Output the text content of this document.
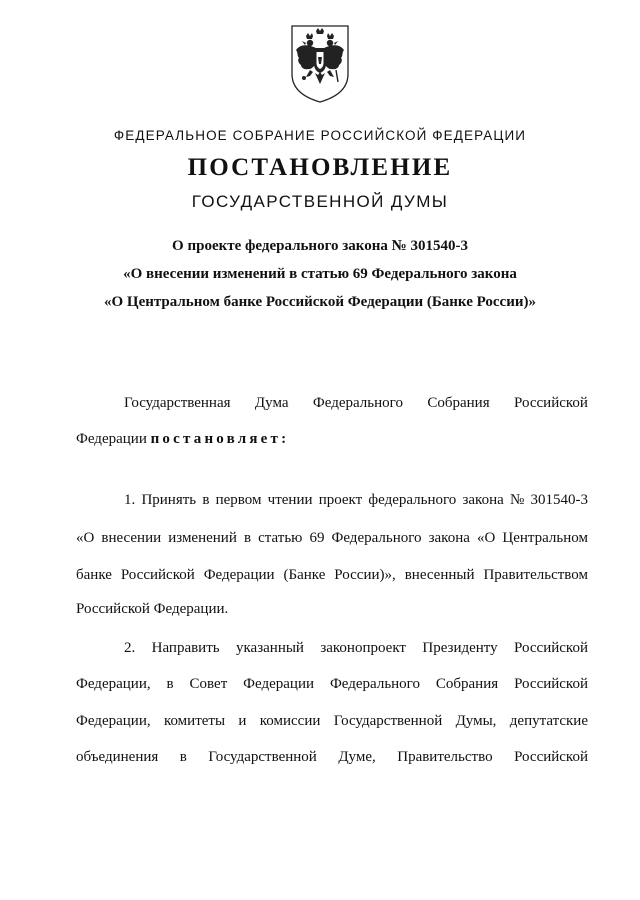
ФЕДЕРАЛЬНОЕ СОБРАНИЕ РОССИЙСКОЙ ФЕДЕРАЦИИ
ПОСТАНОВЛЕНИЕ
ГОСУДАРСТВЕННОЙ ДУМЫ
О проекте федерального закона № 301540-3
«О внесении изменений в статью 69 Федерального закона
«О Центральном банке Российской Федерации (Банке России)»
Государственная Дума Федерального Собрания Российской
Федерации постановляет:
1. Принять в первом чтении проект федерального закона № 301540-3
«О внесении изменений в статью 69 Федерального закона «О Центральном
банке Российской Федерации (Банке России)», внесенный Правительством
Российской Федерации.
2. Направить указанный законопроект Президенту Российской
Федерации, в Совет Федерации Федерального Собрания Российской
Федерации, комитеты и комиссии Государственной Думы, депутатские
объединения в Государственной Думе, Правительство Российской
